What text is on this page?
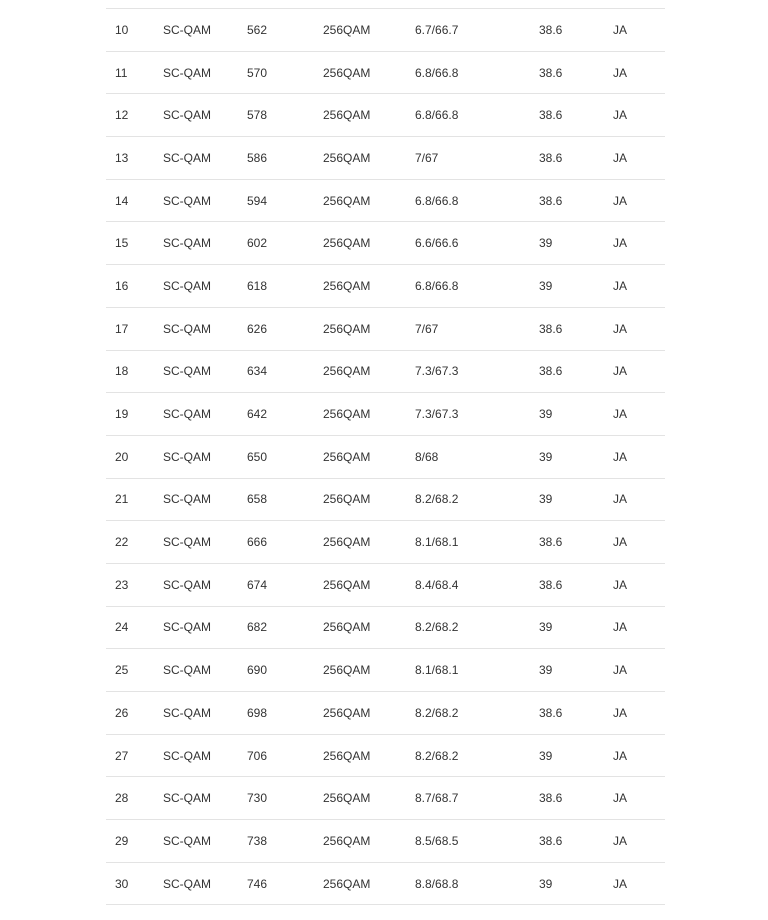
10	SC-QAM	562	256QAM	6.7/66.7	38.6	JA
11	SC-QAM	570	256QAM	6.8/66.8	38.6	JA
12	SC-QAM	578	256QAM	6.8/66.8	38.6	JA
13	SC-QAM	586	256QAM	7/67	38.6	JA
14	SC-QAM	594	256QAM	6.8/66.8	38.6	JA
15	SC-QAM	602	256QAM	6.6/66.6	39	JA
16	SC-QAM	618	256QAM	6.8/66.8	39	JA
17	SC-QAM	626	256QAM	7/67	38.6	JA
18	SC-QAM	634	256QAM	7.3/67.3	38.6	JA
19	SC-QAM	642	256QAM	7.3/67.3	39	JA
20	SC-QAM	650	256QAM	8/68	39	JA
21	SC-QAM	658	256QAM	8.2/68.2	39	JA
22	SC-QAM	666	256QAM	8.1/68.1	38.6	JA
23	SC-QAM	674	256QAM	8.4/68.4	38.6	JA
24	SC-QAM	682	256QAM	8.2/68.2	39	JA
25	SC-QAM	690	256QAM	8.1/68.1	39	JA
26	SC-QAM	698	256QAM	8.2/68.2	38.6	JA
27	SC-QAM	706	256QAM	8.2/68.2	39	JA
28	SC-QAM	730	256QAM	8.7/68.7	38.6	JA
29	SC-QAM	738	256QAM	8.5/68.5	38.6	JA
30	SC-QAM	746	256QAM	8.8/68.8	39	JA
